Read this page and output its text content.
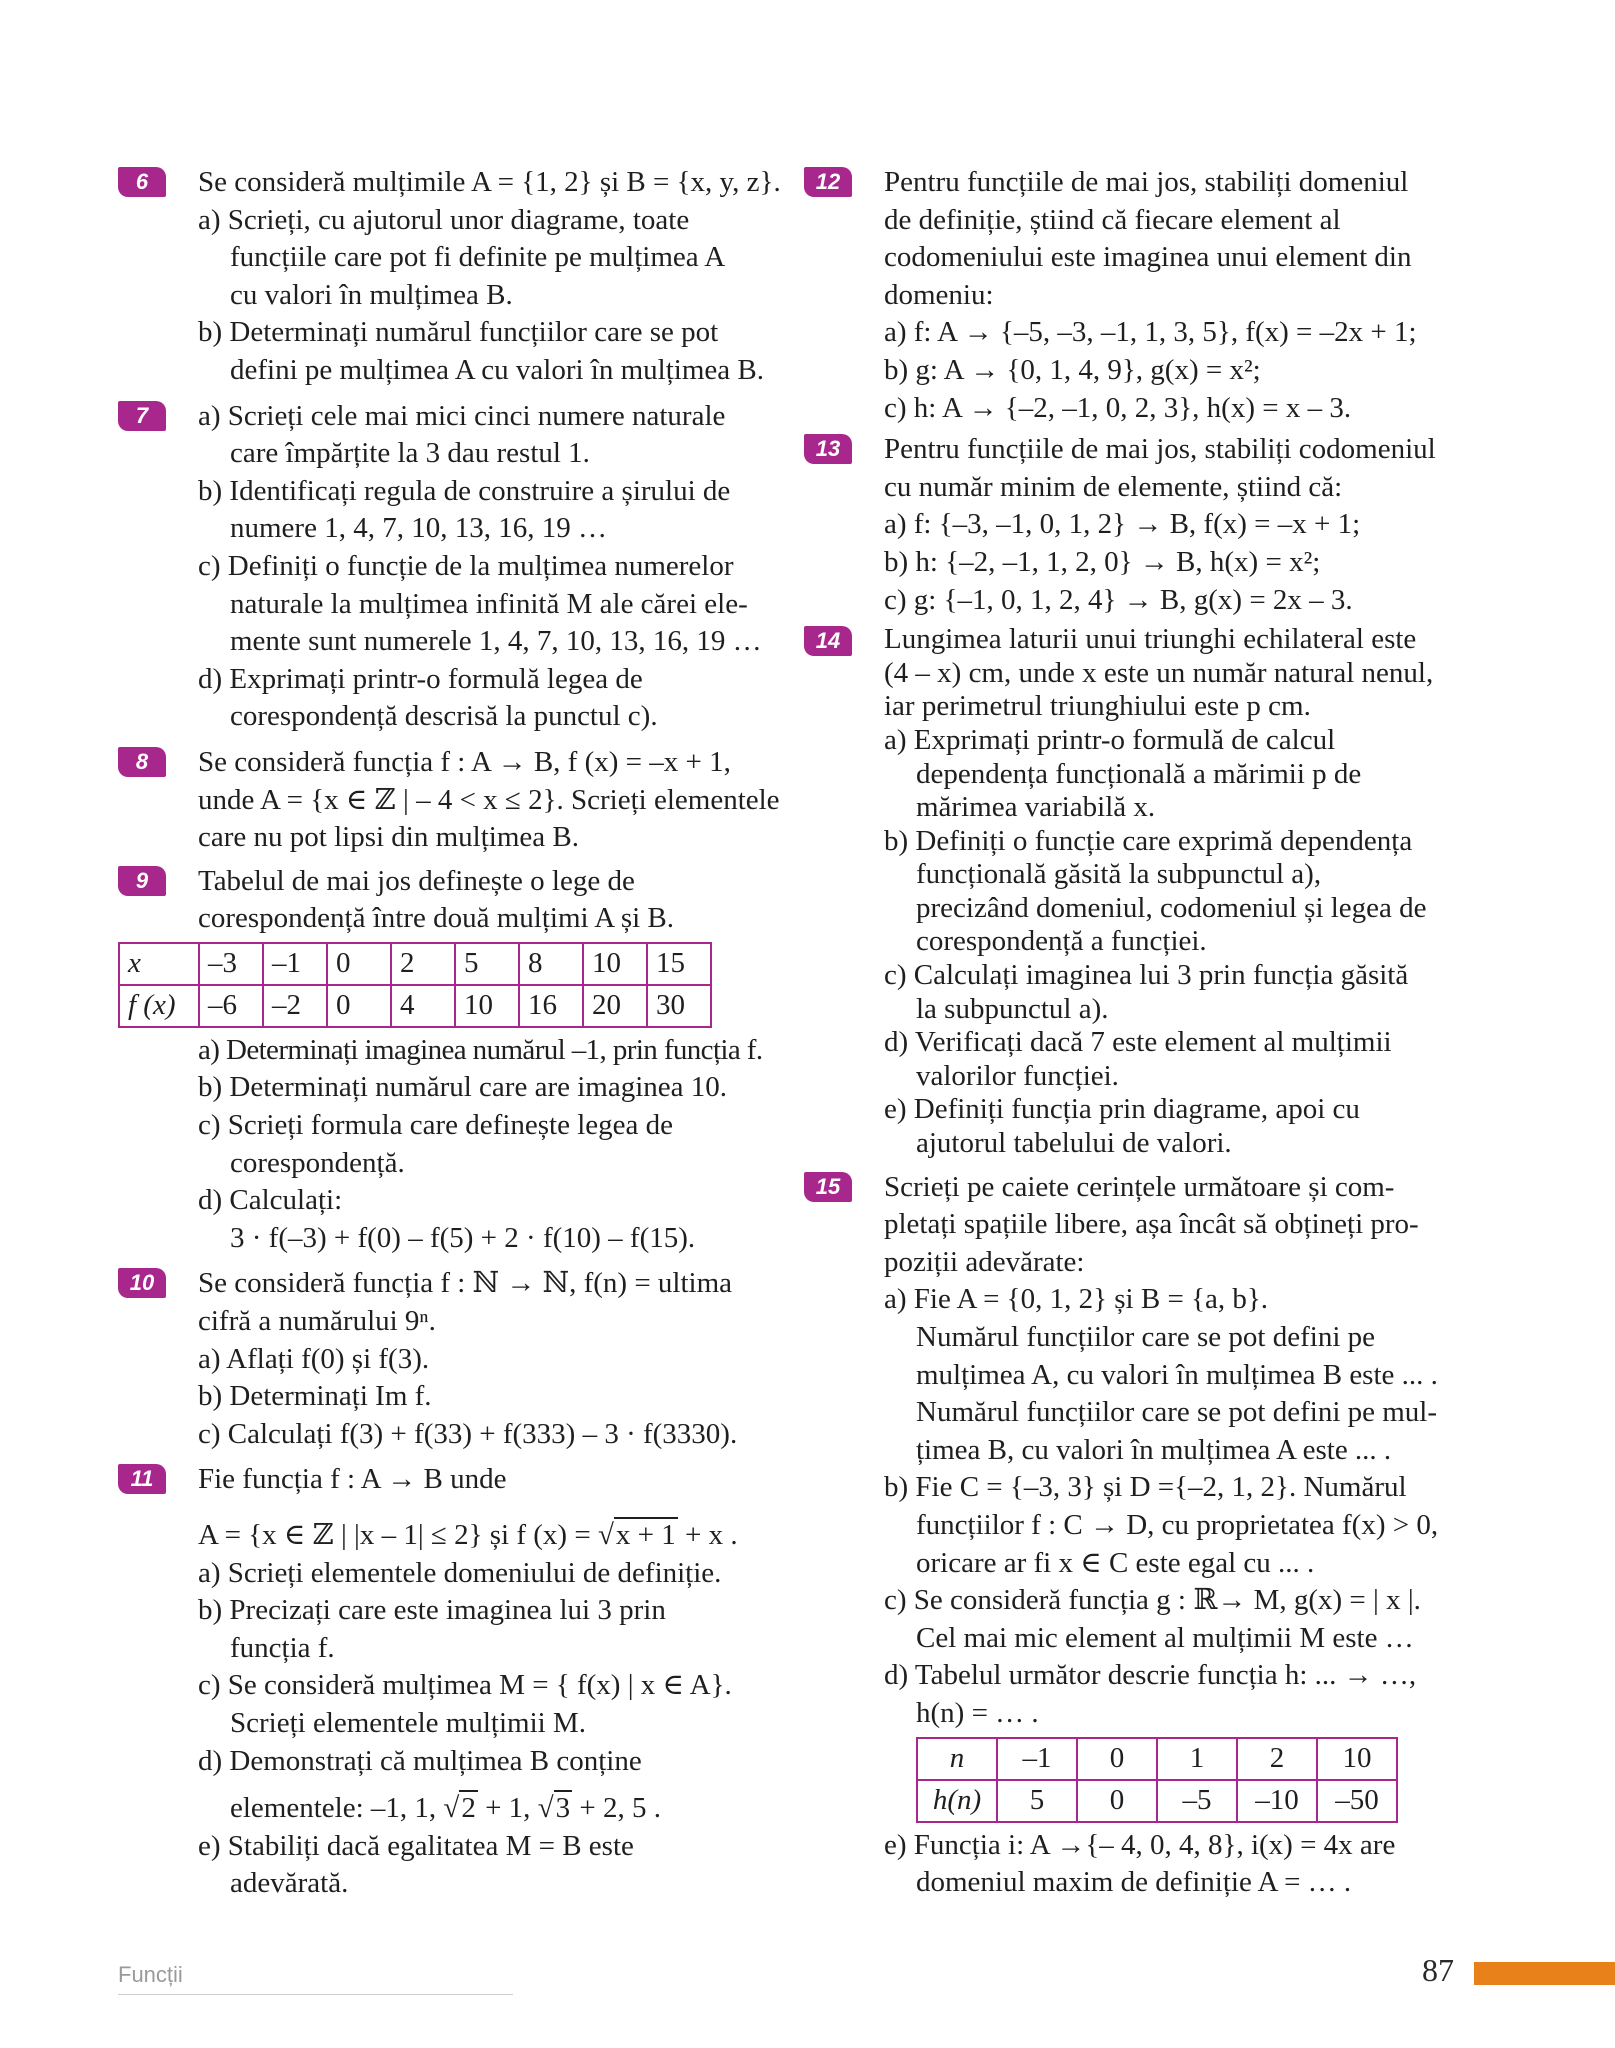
6	Se consideră mulțimile A = {1, 2} și B = {x, y, z}.
a) Scrieți, cu ajutorul unor diagrame, toate
funcțiile care pot fi definite pe mulțimea A
cu valori în mulțimea B.
b) Determinați numărul funcțiilor care se pot
defini pe mulțimea A cu valori în mulțimea B.
7	a) Scrieți cele mai mici cinci numere naturale
care împărțite la 3 dau restul 1.
b) Identificați regula de construire a șirului de
numere 1, 4, 7, 10, 13, 16, 19 …
c) Definiți o funcție de la mulțimea numerelor
naturale la mulțimea infinită M ale cărei ele-
mente sunt numerele 1, 4, 7, 10, 13, 16, 19 …
d) Exprimați printr-o formulă legea de
corespondență descrisă la punctul c).
8	Se consideră funcția f : A → B, f (x) = –x + 1,
unde A = {x ∈ ℤ | – 4 < x ≤ 2}. Scrieți elementele
care nu pot lipsi din mulțimea B.
9	Tabelul de mai jos definește o lege de
corespondență între două mulțimi A și B.
x	–3	–1	0	2	5	8	10	15
f (x)	–6	–2	0	4	10	16	20	30
a) Determinați imaginea numărul –1, prin funcția f.
b) Determinați numărul care are imaginea 10.
c) Scrieți formula care definește legea de
corespondență.
d) Calculați:
3 · f(–3) + f(0) – f(5) + 2 · f(10) – f(15).
10	Se consideră funcția f : ℕ → ℕ, f(n) = ultima
cifră a numărului 9ⁿ.
a) Aflați f(0) și f(3).
b) Determinați Im f.
c) Calculați f(3) + f(33) + f(333) – 3 · f(3330).
11	Fie funcția f : A → B unde
A = {x ∈ ℤ | |x – 1| ≤ 2} și f (x) = √x + 1 + x .
a) Scrieți elementele domeniului de definiție.
b) Precizați care este imaginea lui 3 prin
funcția f.
c) Se consideră mulțimea M = { f(x) | x ∈ A}.
Scrieți elementele mulțimii M.
d) Demonstrați că mulțimea B conține
elementele: –1, 1, √2 + 1, √3 + 2, 5 .
e) Stabiliți dacă egalitatea M = B este
adevărată.
12	Pentru funcțiile de mai jos, stabiliți domeniul
de definiție, știind că fiecare element al
codomeniului este imaginea unui element din
domeniu:
a) f: A → {–5, –3, –1, 1, 3, 5}, f(x) = –2x + 1;
b) g: A → {0, 1, 4, 9}, g(x) = x²;
c) h: A → {–2, –1, 0, 2, 3}, h(x) = x – 3.
13	Pentru funcțiile de mai jos, stabiliți codomeniul
cu număr minim de elemente, știind că:
a) f: {–3, –1, 0, 1, 2} → B, f(x) = –x + 1;
b) h: {–2, –1, 1, 2, 0} → B, h(x) = x²;
c) g: {–1, 0, 1, 2, 4} → B, g(x) = 2x – 3.
14	Lungimea laturii unui triunghi echilateral este
(4 – x) cm, unde x este un număr natural nenul,
iar perimetrul triunghiului este p cm.
a) Exprimați printr-o formulă de calcul
dependența funcțională a mărimii p de
mărimea variabilă x.
b) Definiți o funcție care exprimă dependența
funcțională găsită la subpunctul a),
precizând domeniul, codomeniul și legea de
corespondență a funcției.
c) Calculați imaginea lui 3 prin funcția găsită
la subpunctul a).
d) Verificați dacă 7 este element al mulțimii
valorilor funcției.
e) Definiți funcția prin diagrame, apoi cu
ajutorul tabelului de valori.
15	Scrieți pe caiete cerințele următoare și com-
pletați spațiile libere, așa încât să obțineți pro-
poziții adevărate:
a) Fie A = {0, 1, 2} și B = {a, b}.
Numărul funcțiilor care se pot defini pe
mulțimea A, cu valori în mulțimea B este ... .
Numărul funcțiilor care se pot defini pe mul-
țimea B, cu valori în mulțimea A este ... .
b) Fie C = {–3, 3} și D ={–2, 1, 2}. Numărul
funcțiilor f : C → D, cu proprietatea f(x) > 0,
oricare ar fi x ∈ C este egal cu ... .
c) Se consideră funcția g : ℝ→ M, g(x) = | x |.
Cel mai mic element al mulțimii M este …
d) Tabelul următor descrie funcția h: ... → …,
h(n) = … .
n	–1	0	1	2	10
h(n)	5	0	–5	–10	–50
e) Funcția i: A →{– 4, 0, 4, 8}, i(x) = 4x are
domeniul maxim de definiție A = … .
Funcții	87
